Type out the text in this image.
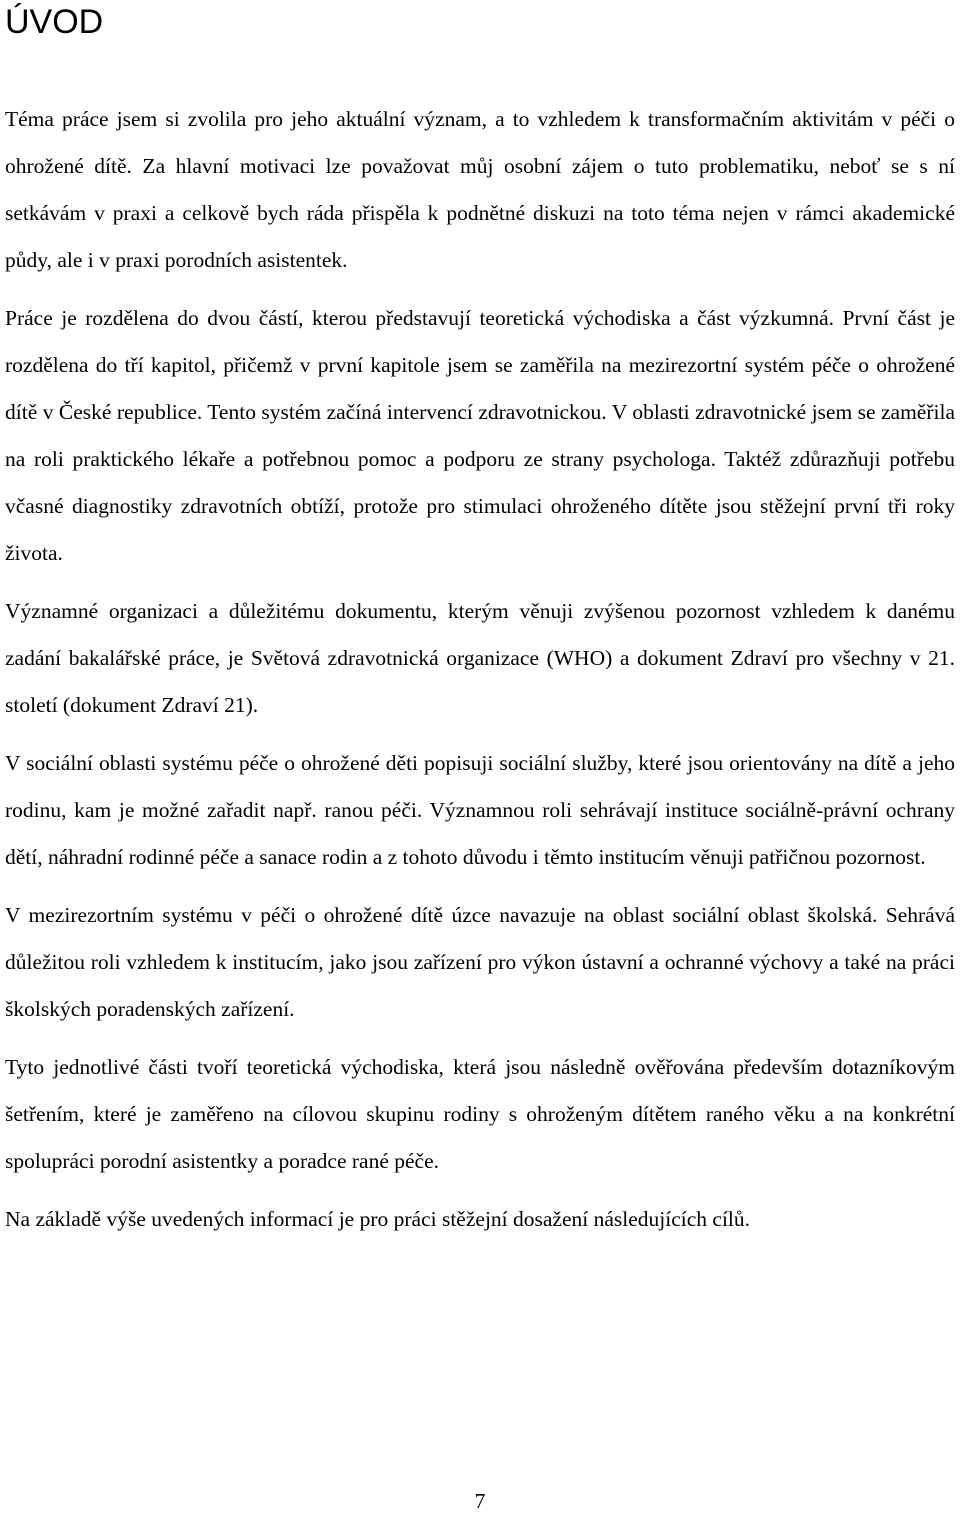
ÚVOD

Téma práce jsem si zvolila pro jeho aktuální význam, a to vzhledem k transformačním aktivitám v péči o ohrožené dítě. Za hlavní motivaci lze považovat můj osobní zájem o tuto problematiku, neboť se s ní setkávám v praxi a celkově bych ráda přispěla k podnětné diskuzi na toto téma nejen v rámci akademické půdy, ale i v praxi porodních asistentek.

Práce je rozdělena do dvou částí, kterou představují teoretická východiska a část výzkumná. První část je rozdělena do tří kapitol, přičemž v první kapitole jsem se zaměřila na mezirezortní systém péče o ohrožené dítě v České republice. Tento systém začíná intervencí zdravotnickou. V oblasti zdravotnické jsem se zaměřila na roli praktického lékaře a potřebnou pomoc a podporu ze strany psychologa. Taktéž zdůrazňuji potřebu včasné diagnostiky zdravotních obtíží, protože pro stimulaci ohroženého dítěte jsou stěžejní první tři roky života.

Významné organizaci a důležitému dokumentu, kterým věnuji zvýšenou pozornost vzhledem k danému zadání bakalářské práce, je Světová zdravotnická organizace (WHO) a dokument Zdraví pro všechny v 21. století (dokument Zdraví 21).

V sociální oblasti systému péče o ohrožené děti popisuji sociální služby, které jsou orientovány na dítě a jeho rodinu, kam je možné zařadit např. ranou péči. Významnou roli sehrávají instituce sociálně-právní ochrany dětí, náhradní rodinné péče a sanace rodin a z tohoto důvodu i těmto institucím věnuji patřičnou pozornost.

V mezirezortním systému v péči o ohrožené dítě úzce navazuje na oblast sociální oblast školská. Sehrává důležitou roli vzhledem k institucím, jako jsou zařízení pro výkon ústavní a ochranné výchovy a také na práci školských poradenských zařízení.

Tyto jednotlivé části tvoří teoretická východiska, která jsou následně ověřována především dotazníkovým šetřením, které je zaměřeno na cílovou skupinu rodiny s ohroženým dítětem raného věku a na konkrétní spolupráci porodní asistentky a poradce rané péče.

Na základě výše uvedených informací je pro práci stěžejní dosažení následujících cílů.

7
